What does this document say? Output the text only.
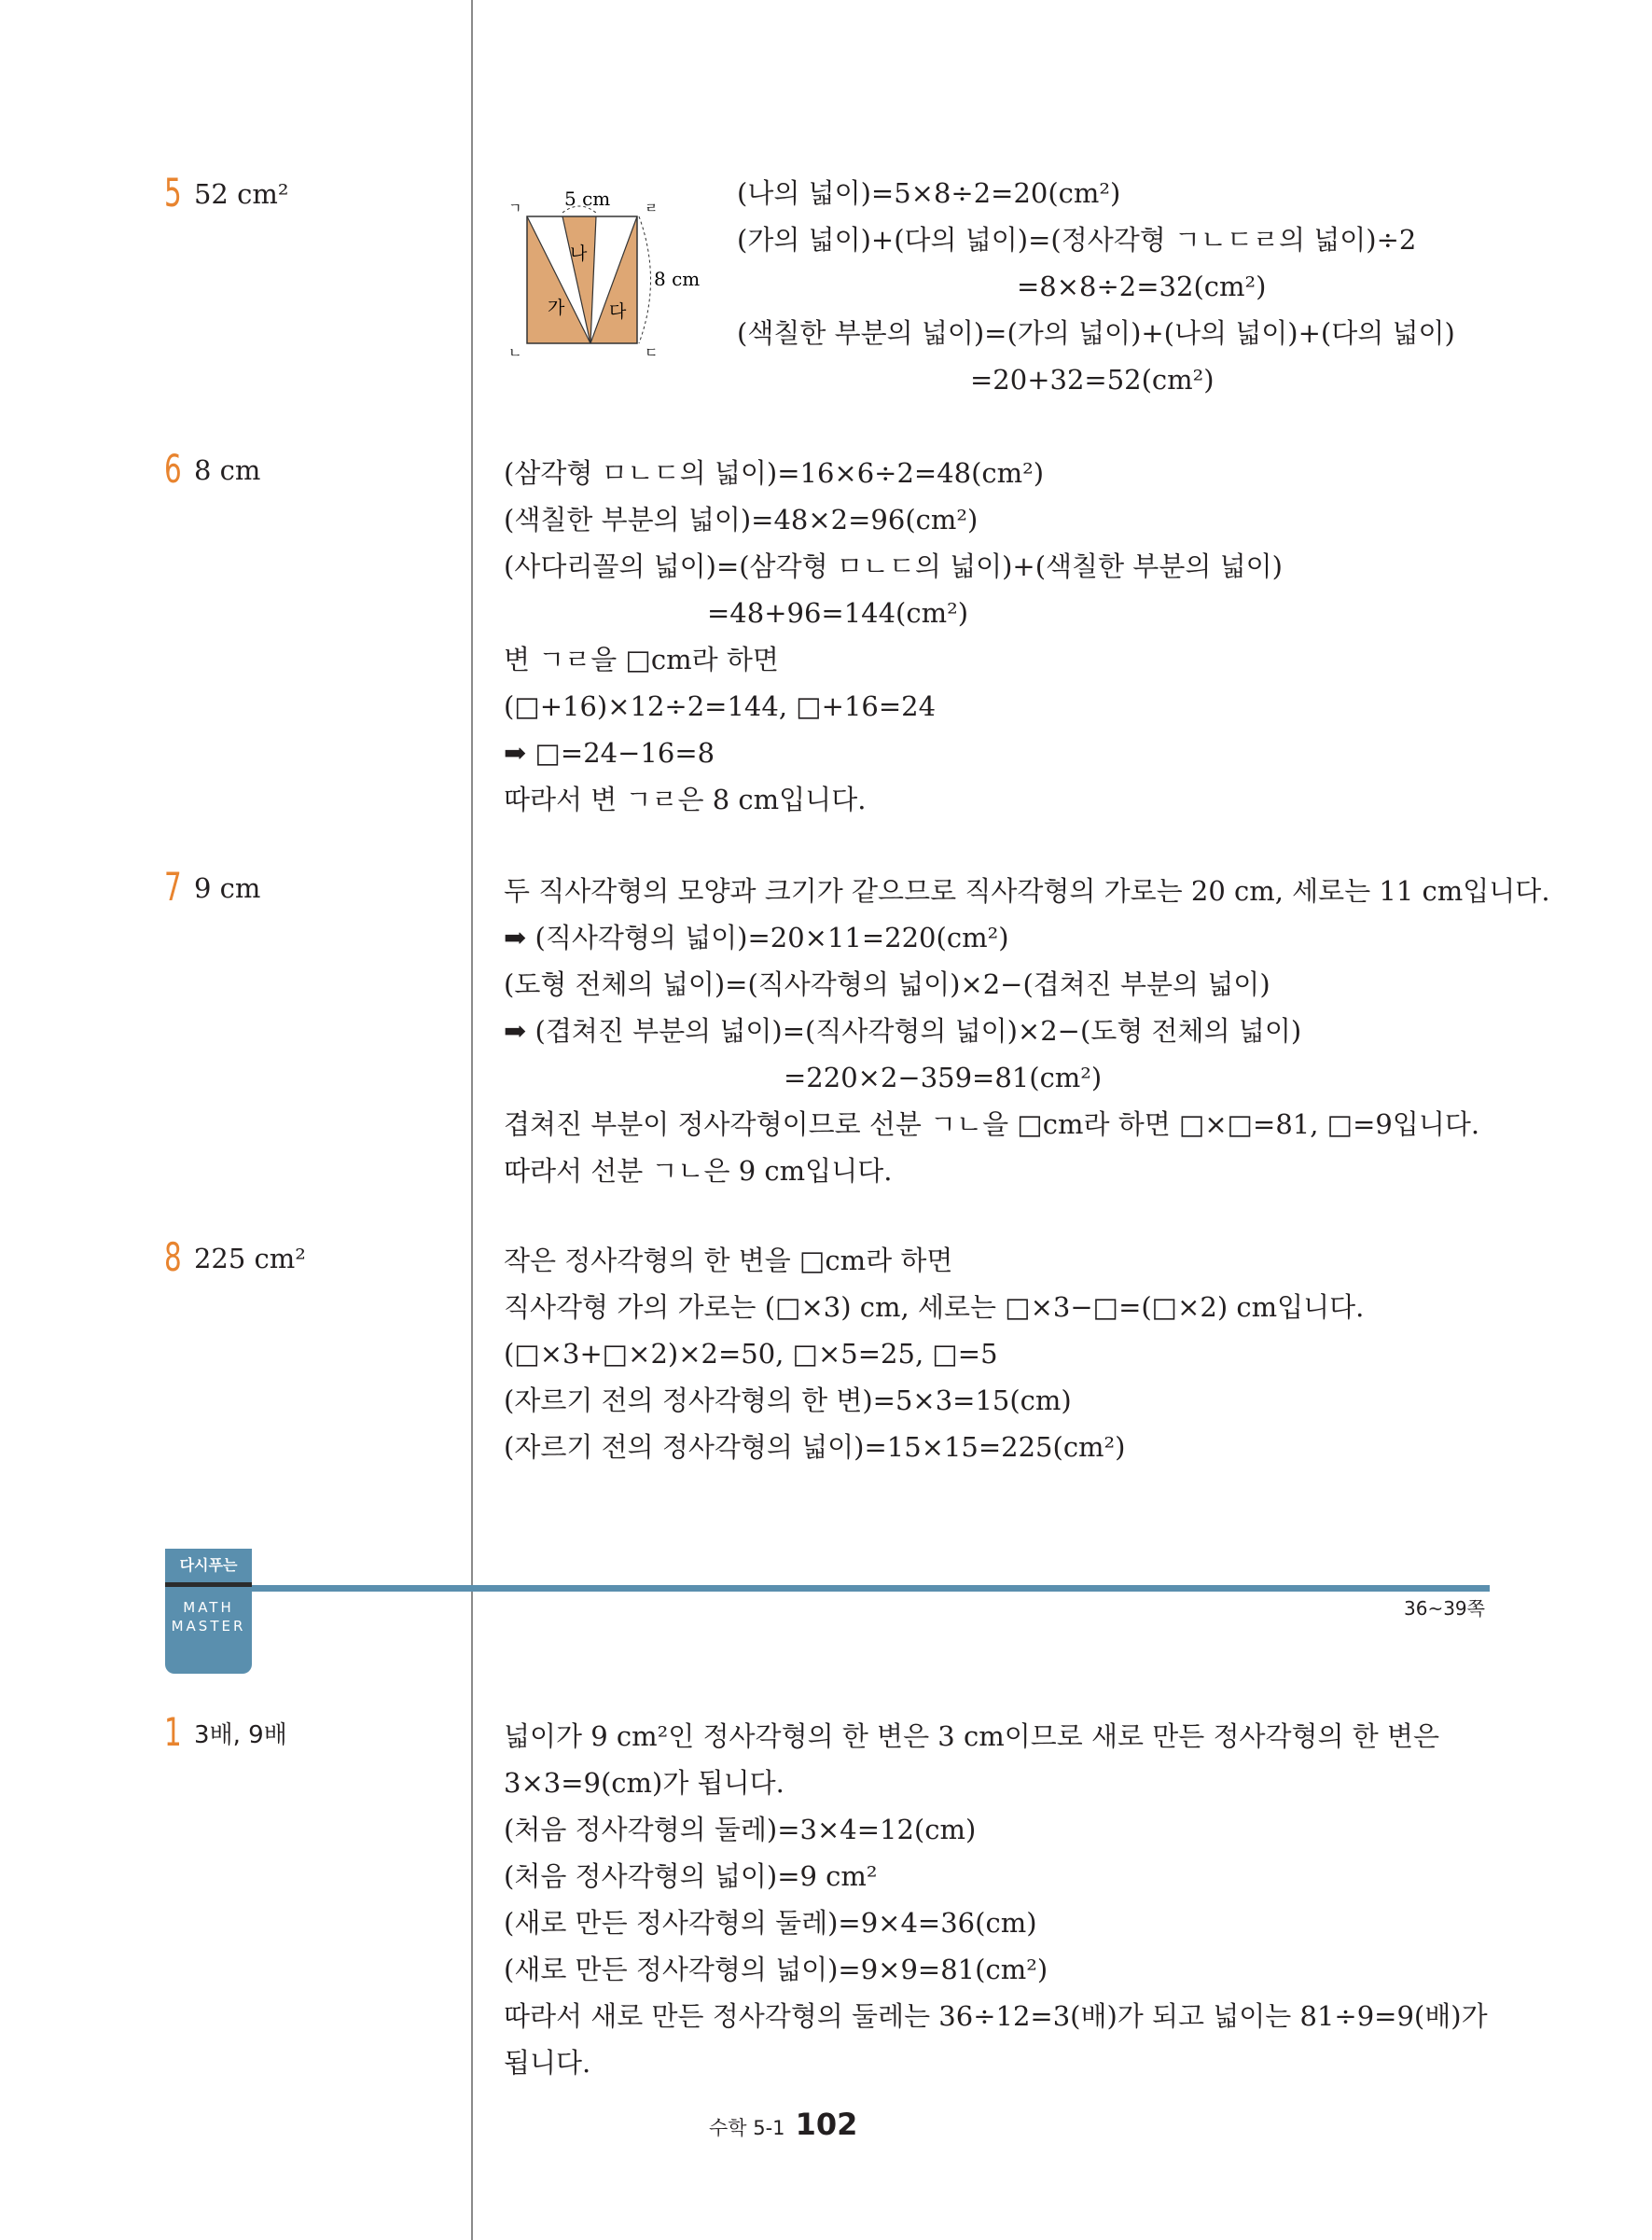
5 52 cm²	ㄱ
ㄴ	ㄷ
ㄹ
가
나
다
5 cm
8 cm
(나의 넓이)=5×8÷2=20(cm²)
(가의 넓이)+(다의 넓이)=(정사각형 ㄱㄴㄷㄹ의 넓이)÷2
=8×8÷2=32(cm²)
(색칠한 부분의 넓이)=(가의 넓이)+(나의 넓이)+(다의 넓이)
=20+32=52(cm²)
6 8 cm	(삼각형 ㅁㄴㄷ의 넓이)=16×6÷2=48(cm²)
(색칠한 부분의 넓이)=48×2=96(cm²)
(사다리꼴의 넓이)=(삼각형 ㅁㄴㄷ의 넓이)+(색칠한 부분의 넓이)
=48+96=144(cm²)
변 ㄱㄹ을 □cm라 하면
(□+16)×12÷2=144, □+16=24
➡ □=24−16=8
따라서 변 ㄱㄹ은 8 cm입니다.
7 9 cm	두 직사각형의 모양과 크기가 같으므로 직사각형의 가로는 20 cm, 세로는 11 cm입니다.
➡ (직사각형의 넓이)=20×11=220(cm²)
(도형 전체의 넓이)=(직사각형의 넓이)×2−(겹쳐진 부분의 넓이)
➡ (겹쳐진 부분의 넓이)=(직사각형의 넓이)×2−(도형 전체의 넓이)
=220×2−359=81(cm²)
겹쳐진 부분이 정사각형이므로 선분 ㄱㄴ을 □cm라 하면 □×□=81, □=9입니다.
따라서 선분 ㄱㄴ은 9 cm입니다.
8 225 cm²	작은 정사각형의 한 변을 □cm라 하면
직사각형 가의 가로는 (□×3) cm, 세로는 □×3−□=(□×2) cm입니다.
(□×3+□×2)×2=50, □×5=25, □=5
(자르기 전의 정사각형의 한 변)=5×3=15(cm)
(자르기 전의 정사각형의 넓이)=15×15=225(cm²)
다시푸는
MATH
MASTER
36~39쪽
1 3배, 9배	넓이가 9 cm²인 정사각형의 한 변은 3 cm이므로 새로 만든 정사각형의 한 변은
3×3=9(cm)가 됩니다.
(처음 정사각형의 둘레)=3×4=12(cm)
(처음 정사각형의 넓이)=9 cm²
(새로 만든 정사각형의 둘레)=9×4=36(cm)
(새로 만든 정사각형의 넓이)=9×9=81(cm²)
따라서 새로 만든 정사각형의 둘레는 36÷12=3(배)가 되고 넓이는 81÷9=9(배)가
됩니다.
수학 5-1 102
